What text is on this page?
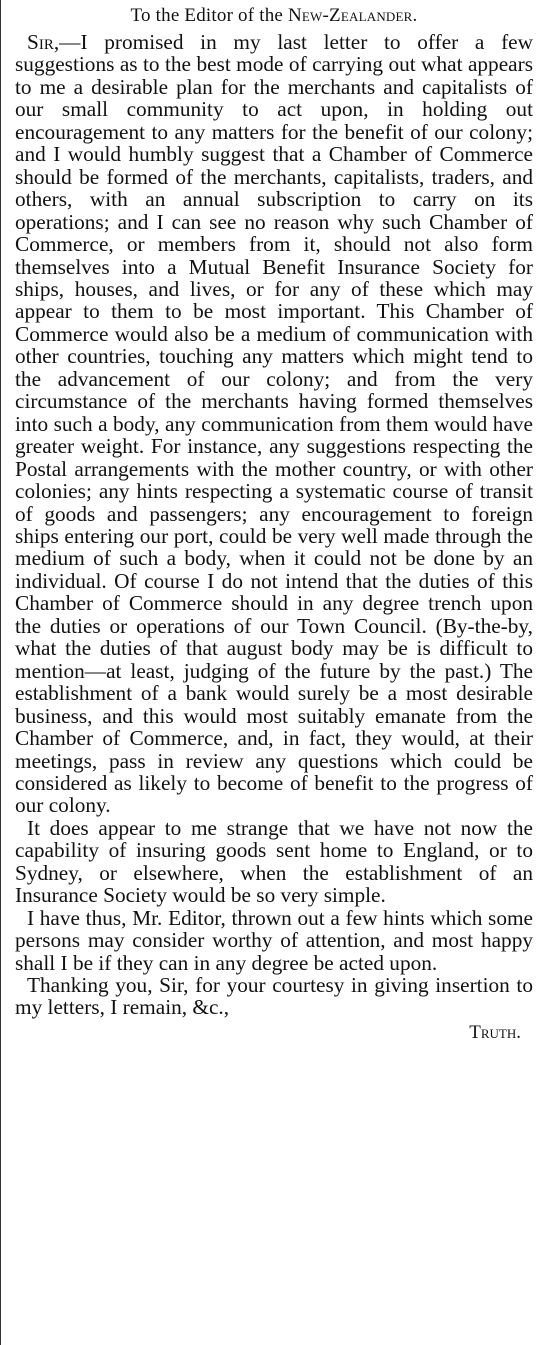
To the Editor of the New-Zealander.

Sir,—I promised in my last letter to offer a few suggestions as to the best mode of carrying out what appears to me a desirable plan for the merchants and capitalists of our small community to act upon, in holding out encouragement to any matters for the benefit of our colony; and I would humbly suggest that a Chamber of Commerce should be formed of the merchants, capitalists, traders, and others, with an annual subscription to carry on its operations; and I can see no reason why such Chamber of Commerce, or members from it, should not also form themselves into a Mutual Benefit Insurance Society for ships, houses, and lives, or for any of these which may appear to them to be most important. This Chamber of Commerce would also be a medium of communication with other countries, touching any matters which might tend to the advancement of our colony; and from the very circumstance of the merchants having formed themselves into such a body, any communication from them would have greater weight. For instance, any suggestions respecting the Postal arrangements with the mother country, or with other colonies; any hints respecting a systematic course of transit of goods and passengers; any encouragement to foreign ships entering our port, could be very well made through the medium of such a body, when it could not be done by an individual. Of course I do not intend that the duties of this Chamber of Commerce should in any degree trench upon the duties or operations of our Town Council. (By-the-by, what the duties of that august body may be is difficult to mention—at least, judging of the future by the past.) The establishment of a bank would surely be a most desirable business, and this would most suitably emanate from the Chamber of Commerce, and, in fact, they would, at their meetings, pass in review any questions which could be considered as likely to become of benefit to the progress of our colony.

It does appear to me strange that we have not now the capability of insuring goods sent home to England, or to Sydney, or elsewhere, when the establishment of an Insurance Society would be so very simple.

I have thus, Mr. Editor, thrown out a few hints which some persons may consider worthy of attention, and most happy shall I be if they can in any degree be acted upon.

Thanking you, Sir, for your courtesy in giving insertion to my letters, I remain, &c.,

Truth.
